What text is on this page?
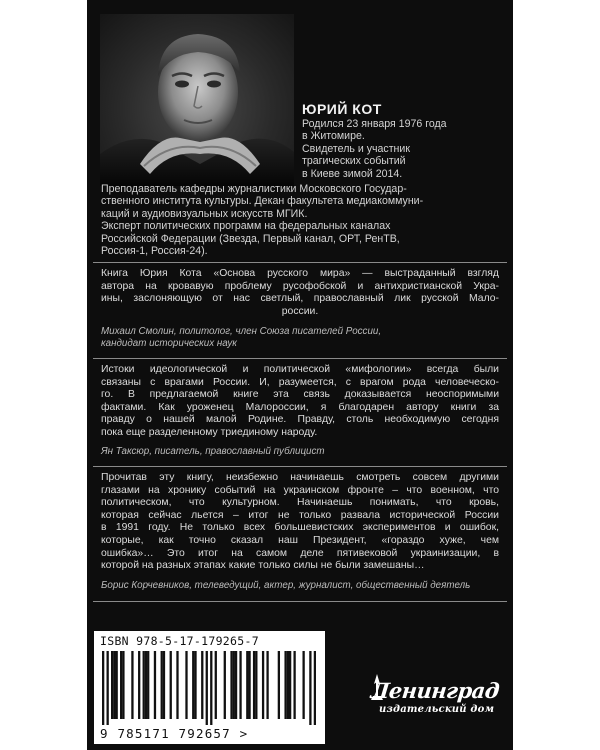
ЮРИЙ КОТ
Родился 23 января 1976 года
в Житомире.
Свидетель и участник
трагических событий
в Киеве зимой 2014.
Преподаватель кафедры журналистики Московского Государ-
ственного института культуры. Декан факультета медиакоммуни-
каций и аудиовизуальных искусств МГИК.
Эксперт политических программ на федеральных каналах
Российской Федерации (Звезда, Первый канал, ОРТ, РенТВ,
Россия-1, Россия-24).
Книга Юрия Кота «Основа русского мира» — выстраданный взгляд
автора на кровавую проблему русофобской и антихристианской Укра-
ины, заслоняющую от нас светлый, православный лик русской Мало-
россии.
Михаил Смолин, политолог, член Союза писателей России,
кандидат исторических наук
Истоки идеологической и политической «мифологии» всегда были
связаны с врагами России. И, разумеется, с врагом рода человеческо-
го. В предлагаемой книге эта связь доказывается неоспоримыми
фактами. Как уроженец Малороссии, я благодарен автору книги за
правду о нашей малой Родине. Правду, столь необходимую сегодня
пока еще разделенному триединому народу.
Ян Таксюр, писатель, православный публицист
Прочитав эту книгу, неизбежно начинаешь смотреть совсем другими
глазами на хронику событий на украинском фронте – что военном, что
политическом, что культурном. Начинаешь понимать, что кровь,
которая сейчас льется – итог не только развала исторической России
в 1991 году. Не только всех большевистских экспериментов и ошибок,
которые, как точно сказал наш Президент, «гораздо хуже, чем
ошибка»… Это итог на самом деле пятивековой украинизации, в
которой на разных этапах какие только силы не были замешаны…
Борис Корчевников, телеведущий, актер, журналист, общественный деятель
ISBN 978-5-17-179265-7
9 785171 792657 >
Ленинград
издательский дом
